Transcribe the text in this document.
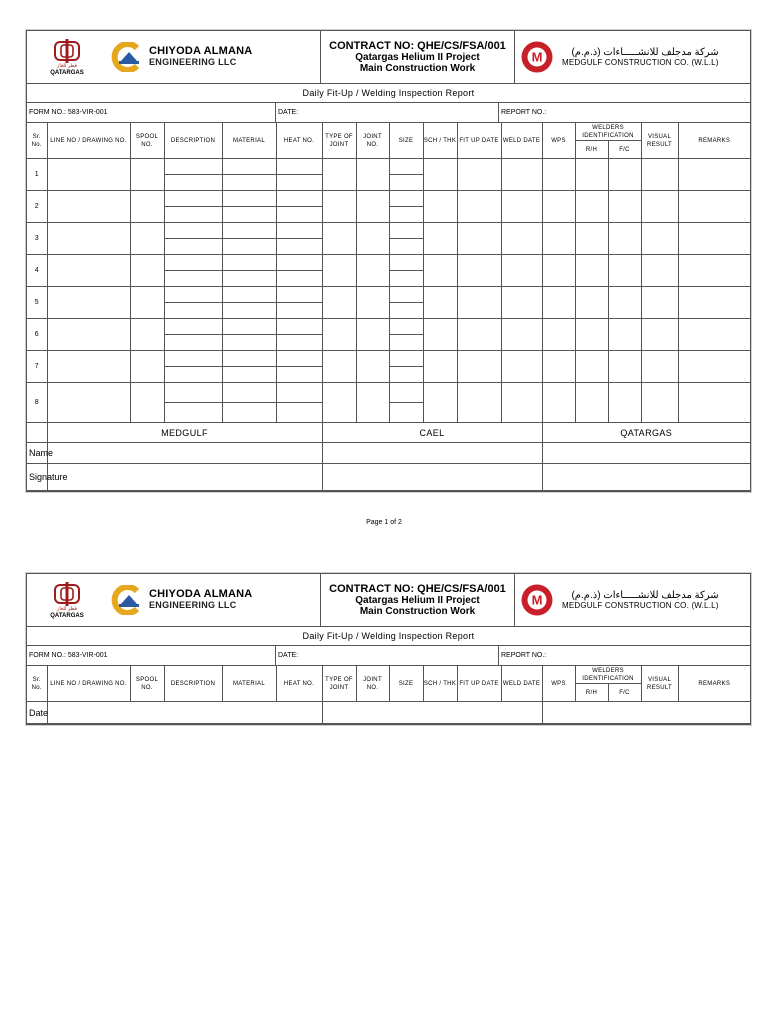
قطر للغاز
QATARGAS
CHIYODA ALMANA
ENGINEERING LLC
CONTRACT NO: QHE/CS/FSA/001
Qatargas Helium II Project
Main Construction Work
M	شركة مدجلف للانشـــــاءات (ذ.م.م)
MEDGULF CONSTRUCTION CO. (W.L.L)
Daily Fit-Up / Welding Inspection Report
FORM NO.: 583-VIR-001	DATE:	REPORT NO.:
Sr. No.	LINE NO / DRAWING NO.	SPOOL NO.	DESCRIPTION	MATERIAL	HEAT NO.	TYPE OF JOINT	JOINT NO.	SIZE	SCH / THK	FIT UP DATE	WELD DATE	WPS	WELDERS IDENTIFICATION		VISUAL RESULT	REMARKS
													R/H	F/C		
1			

2			

3			

4			

5			

6			

7			

8			

	MEDGULF					CAEL						QATARGAS				
Name																
Signature																
Page 1 of 2
قطر للغاز
QATARGAS
CHIYODA ALMANA
ENGINEERING LLC
CONTRACT NO: QHE/CS/FSA/001
Qatargas Helium II Project
Main Construction Work
M	شركة مدجلف للانشـــــاءات (ذ.م.م)
MEDGULF CONSTRUCTION CO. (W.L.L)
Daily Fit-Up / Welding Inspection Report
FORM NO.: 583-VIR-001	DATE:	REPORT NO.:
Sr. No.	LINE NO / DRAWING NO.	SPOOL NO.	DESCRIPTION	MATERIAL	HEAT NO.	TYPE OF JOINT	JOINT NO.	SIZE	SCH / THK	FIT UP DATE	WELD DATE	WPS	WELDERS IDENTIFICATION		VISUAL RESULT	REMARKS
													R/H	F/C		
Date																
